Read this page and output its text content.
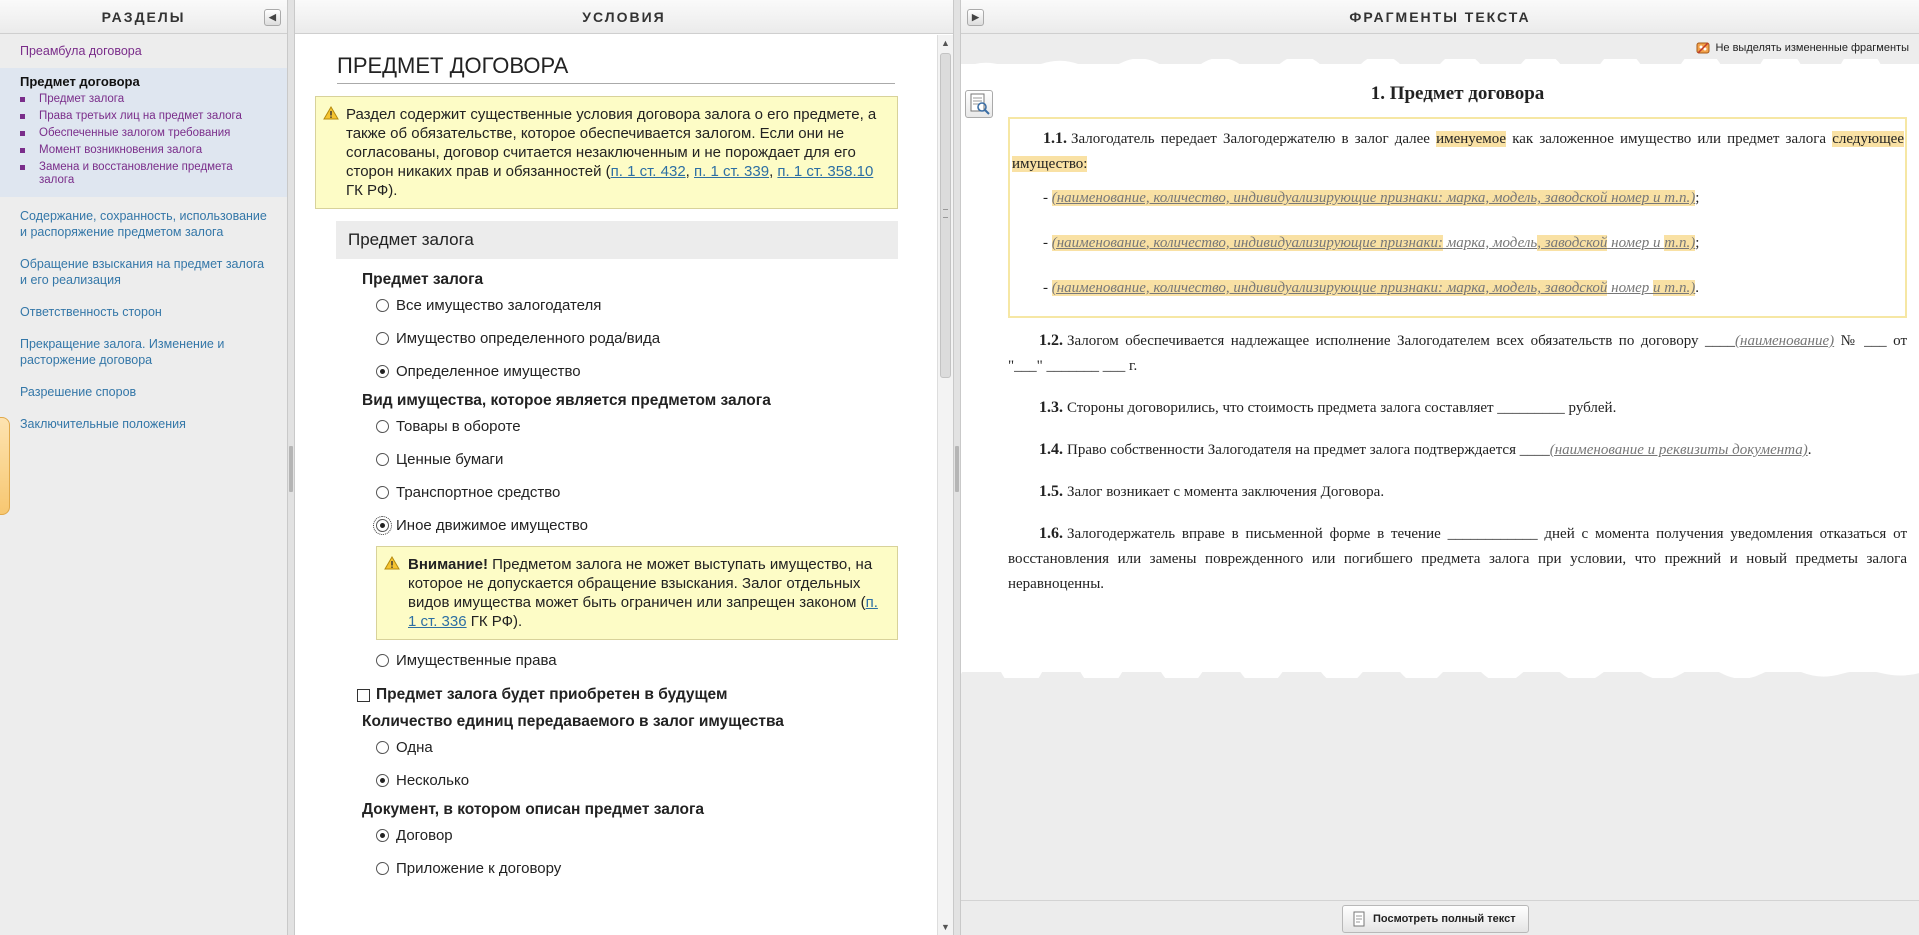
РАЗДЕЛЫ	◀
Преамбула договора
Предмет договора
Предмет залога
Права третьих лиц на предмет залога
Обеспеченные залогом требования
Момент возникновения залога
Замена и восстановление предмета залога
Содержание, сохранность, использование и распоряжение предметом залога
Обращение взыскания на предмет залога и его реализация
Ответственность сторон
Прекращение залога. Изменение и расторжение договора
Разрешение споров
Заключительные положения
УСЛОВИЯ
ПРЕДМЕТ ДОГОВОРА
Раздел содержит существенные условия договора залога о его предмете, а также об обязательстве, которое обеспечивается залогом. Если они не согласованы, договор считается незаключенным и не порождает для его сторон никаких прав и обязанностей (п. 1 ст. 432, п. 1 ст. 339, п. 1 ст. 358.10 ГК РФ).
Предмет залога
Предмет залога
Все имущество залогодателя
Имущество определенного рода/вида
Определенное имущество
Вид имущества, которое является предметом залога
Товары в обороте
Ценные бумаги
Транспортное средство
Иное движимое имущество
Внимание! Предметом залога не может выступать имущество, на которое не допускается обращение взыскания. Залог отдельных видов имущества может быть ограничен или запрещен законом (п. 1 ст. 336 ГК РФ).
Имущественные права
Предмет залога будет приобретен в будущем
Количество единиц передаваемого в залог имущества
Одна
Несколько
Документ, в котором описан предмет залога
Договор
Приложение к договору
▲
▼
▶	ФРАГМЕНТЫ ТЕКСТА
Не выделять измененные фрагменты
1. Предмет договора

1.1. Залогодатель передает Залогодержателю в залог далее именуемое как заложенное имущество или предмет залога следующее имущество:

- (наименование, количество, индивидуализирующие признаки: марка, модель, заводской номер и т.п.);
- (наименование, количество, индивидуализирующие признаки: марка, модель, заводской номер и т.п.);
- (наименование, количество, индивидуализирующие признаки: марка, модель, заводской номер и т.п.).

1.2. Залогом обеспечивается надлежащее исполнение Залогодателем всех обязательств по договору ____(наименование) № ___ от "___" _______ ___ г.

1.3. Стороны договорились, что стоимость предмета залога составляет _________ рублей.

1.4. Право собственности Залогодателя на предмет залога подтверждается ____(наименование и реквизиты документа).

1.5. Залог возникает с момента заключения Договора.

1.6. Залогодержатель вправе в письменной форме в течение ____________ дней с момента получения уведомления отказаться от восстановления или замены поврежденного или погибшего предмета залога при условии, что прежний и новый предметы залога неравноценны.

Посмотреть полный текст
